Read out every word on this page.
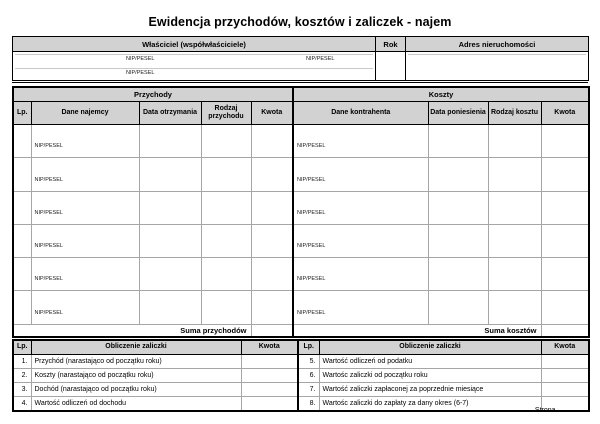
Ewidencja przychodów, kosztów i zaliczek - najem
Właściciel (współwłaściciele)	Rok	Adres nieruchomości

NIP/PESEL NIP/PESEL
NIP/PESEL		

Przychody					Koszty			
Lp.	Dane najemcy	Data otrzymania	Rodzaj przychodu	Kwota	Dane kontrahenta	Data poniesienia	Rodzaj kosztu	Kwota

	NIP/PESEL				NIP/PESEL			

	NIP/PESEL				NIP/PESEL			

	NIP/PESEL				NIP/PESEL			

	NIP/PESEL				NIP/PESEL			

	NIP/PESEL				NIP/PESEL			

	NIP/PESEL				NIP/PESEL			

Suma przychodów					Suma kosztów			
Lp.	Obliczenie zaliczki	Kwota	Lp.	Obliczenie zaliczki	Kwota
1.	Przychód (narastająco od początku roku)		5.	Wartość odliczeń od podatku	
2.	Koszty (narastająco od początku roku)		6.	Wartośc zaliczki od początku roku	
3.	Dochód (narastająco od początku roku)		7.	Wartość zaliczki zapłaconej za poprzednie miesiące	
4.	Wartość odliczeń od dochodu		8.	Wartośc zaliczki do zapłaty za dany okres (6-7)	
Strona .........
